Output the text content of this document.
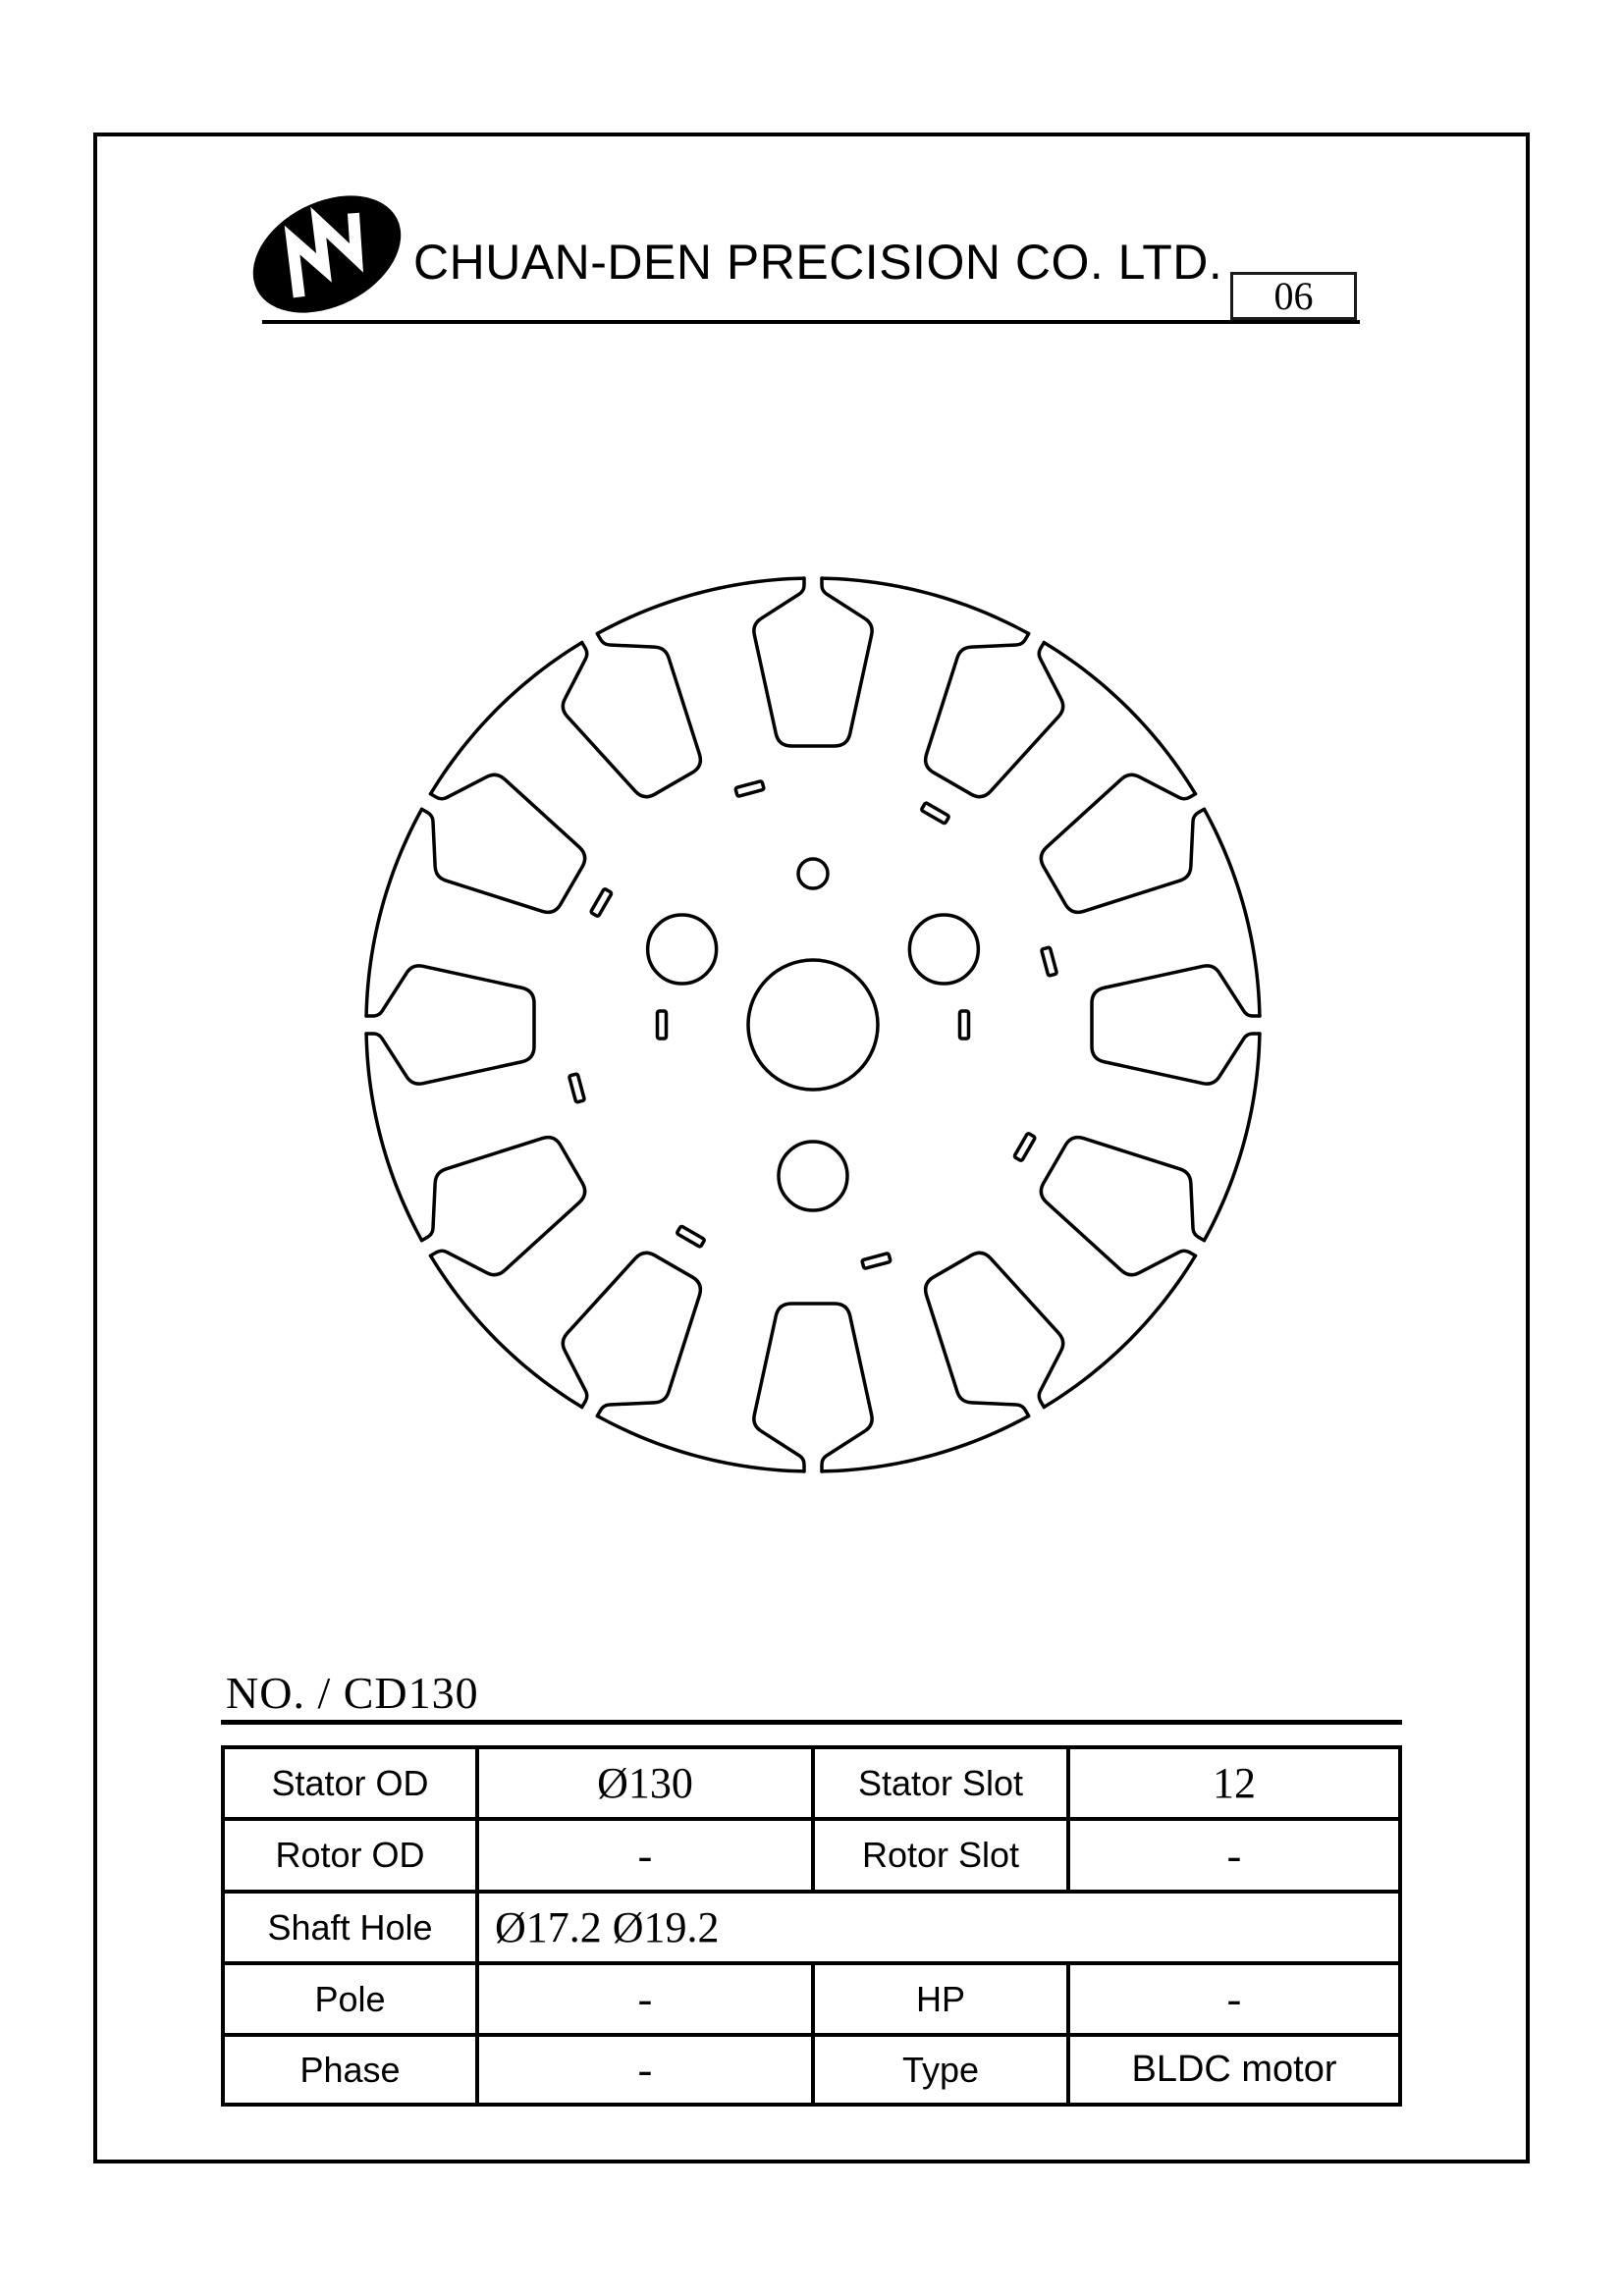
CHUAN-DEN PRECISION CO. LTD.
06
NO. / CD130
Stator OD	Ø130	Stator Slot	12
Rotor OD	-	Rotor Slot	-
Shaft Hole	Ø17.2 Ø19.2
Pole	-	HP	-
Phase	-	Type	BLDC motor
